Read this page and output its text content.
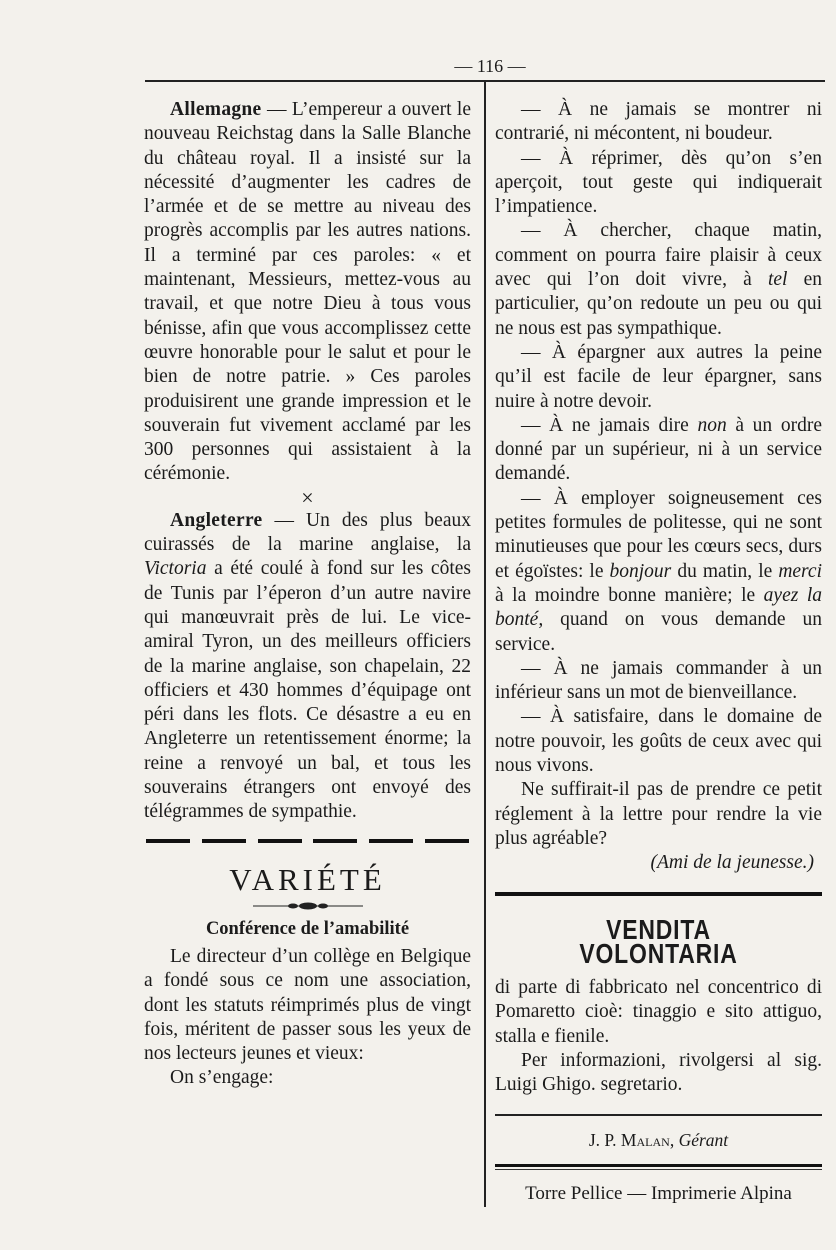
— 116 —

Allemagne — L’empereur a ouvert le nouveau Reichstag dans la Salle Blanche du château royal. Il a insisté sur la nécessité d’augmenter les cadres de l’armée et de se mettre au niveau des progrès accomplis par les autres nations. Il a terminé par ces paroles: « et maintenant, Messieurs, mettez-vous au travail, et que notre Dieu à tous vous bénisse, afin que vous accomplissez cette œuvre honorable pour le salut et pour le bien de notre patrie. » Ces paroles produisirent une grande impression et le souverain fut vivement acclamé par les 300 personnes qui assistaient à la cérémonie.

×

Angleterre — Un des plus beaux cuirassés de la marine anglaise, la Victoria a été coulé à fond sur les côtes de Tunis par l’éperon d’un autre navire qui manœuvrait près de lui. Le vice-amiral Tyron, un des meilleurs officiers de la marine anglaise, son chapelain, 22 officiers et 430 hommes d’équipage ont péri dans les flots. Ce désastre a eu en Angleterre un retentissement énorme; la reine a renvoyé un bal, et tous les souverains étrangers ont envoyé des télégrammes de sympathie.

VARIÉTÉ

Conférence de l’amabilité

Le directeur d’un collège en Belgique a fondé sous ce nom une association, dont les statuts réimprimés plus de vingt fois, méritent de passer sous les yeux de nos lecteurs jeunes et vieux:

On s’engage:

— À ne jamais se montrer ni contrarié, ni mécontent, ni boudeur.

— À réprimer, dès qu’on s’en aperçoit, tout geste qui indiquerait l’impatience.

— À chercher, chaque matin, comment on pourra faire plaisir à ceux avec qui l’on doit vivre, à tel en particulier, qu’on redoute un peu ou qui ne nous est pas sympathique.

— À épargner aux autres la peine qu’il est facile de leur épargner, sans nuire à notre devoir.

— À ne jamais dire non à un ordre donné par un supérieur, ni à un service demandé.

— À employer soigneusement ces petites formules de politesse, qui ne sont minutieuses que pour les cœurs secs, durs et égoïstes: le bonjour du matin, le merci à la moindre bonne manière; le ayez la bonté, quand on vous demande un service.

— À ne jamais commander à un inférieur sans un mot de bienveillance.

— À satisfaire, dans le domaine de notre pouvoir, les goûts de ceux avec qui nous vivons.

Ne suffirait-il pas de prendre ce petit réglement à la lettre pour rendre la vie plus agréable?

(Ami de la jeunesse.)

VENDITA VOLONTARIA

di parte di fabbricato nel concentrico di Pomaretto cioè: tinaggio e sito attiguo, stalla e fienile.

Per informazioni, rivolgersi al sig. Luigi Ghigo. segretario.

J. P. Malan, Gérant

Torre Pellice — Imprimerie Alpina
